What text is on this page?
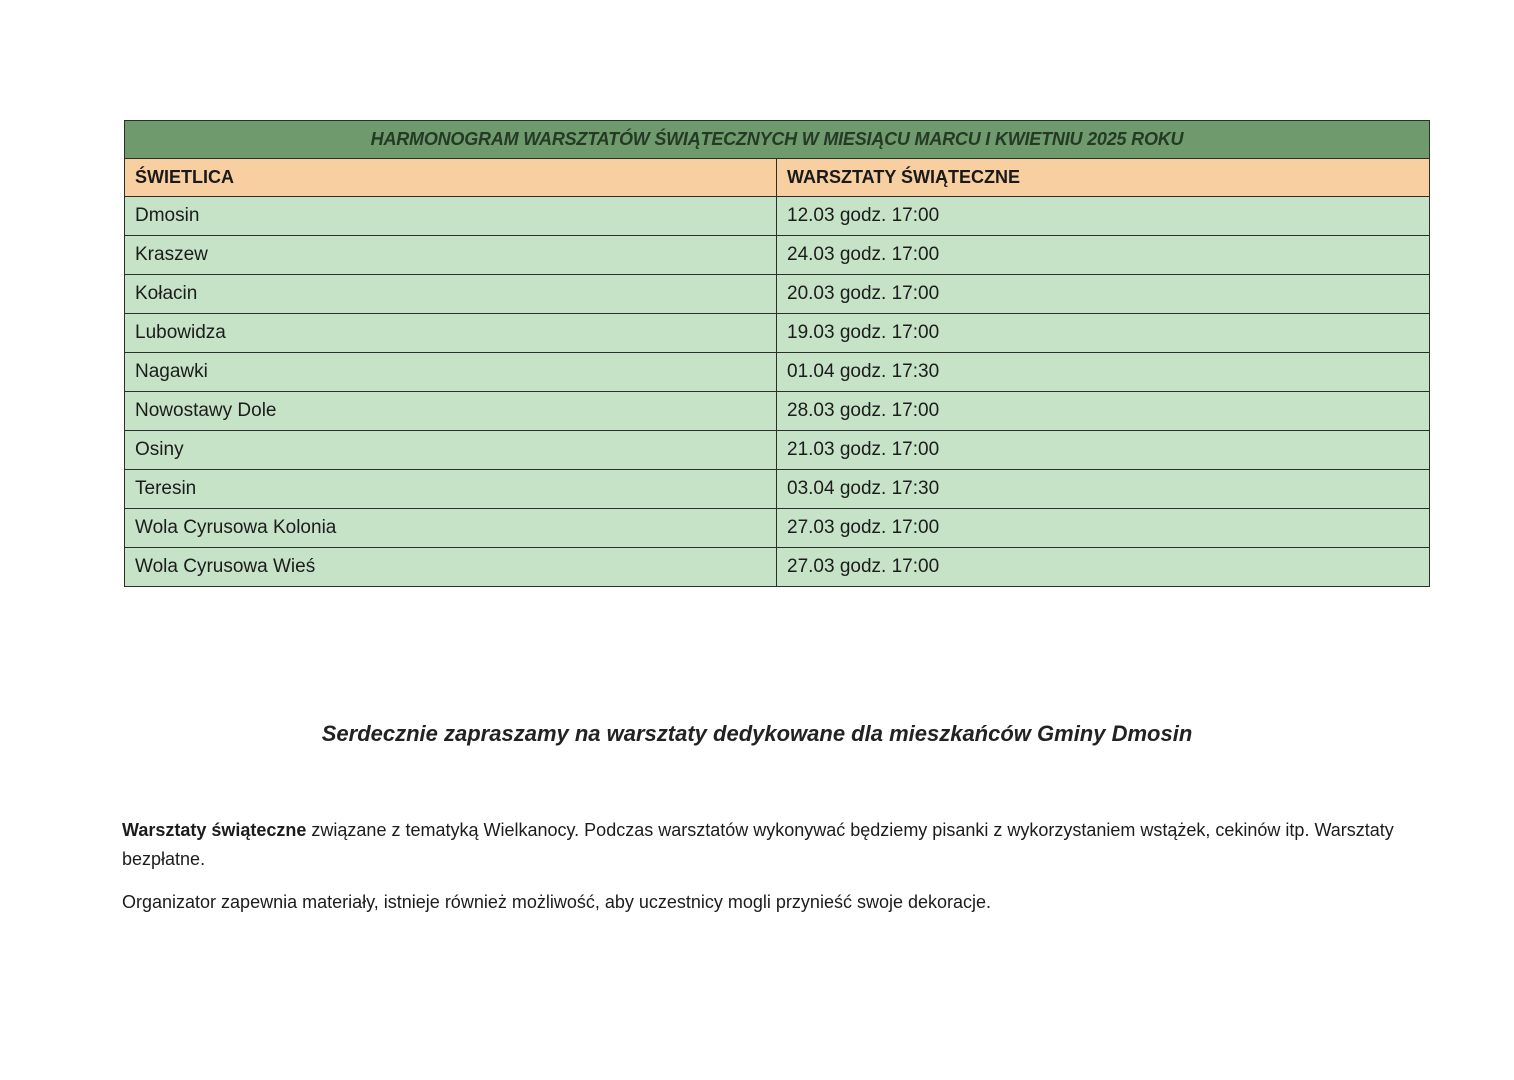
HARMONOGRAM WARSZTATÓW ŚWIĄTECZNYCH W MIESIĄCU MARCU I KWIETNIU 2025 ROKU	
ŚWIETLICA	WARSZTATY ŚWIĄTECZNE
Dmosin	12.03 godz. 17:00
Kraszew	24.03 godz. 17:00
Kołacin	20.03 godz. 17:00
Lubowidza	19.03 godz. 17:00
Nagawki	01.04 godz. 17:30
Nowostawy Dole	28.03 godz. 17:00
Osiny	21.03 godz. 17:00
Teresin	03.04 godz. 17:30
Wola Cyrusowa Kolonia	27.03 godz. 17:00
Wola Cyrusowa Wieś	27.03 godz. 17:00
Serdecznie zapraszamy na warsztaty dedykowane dla mieszkańców Gminy Dmosin

Warsztaty świąteczne związane z tematyką Wielkanocy. Podczas warsztatów wykonywać będziemy pisanki z wykorzystaniem wstążek, cekinów itp. Warsztaty bezpłatne.

Organizator zapewnia materiały, istnieje również możliwość, aby uczestnicy mogli przynieść swoje dekoracje.
